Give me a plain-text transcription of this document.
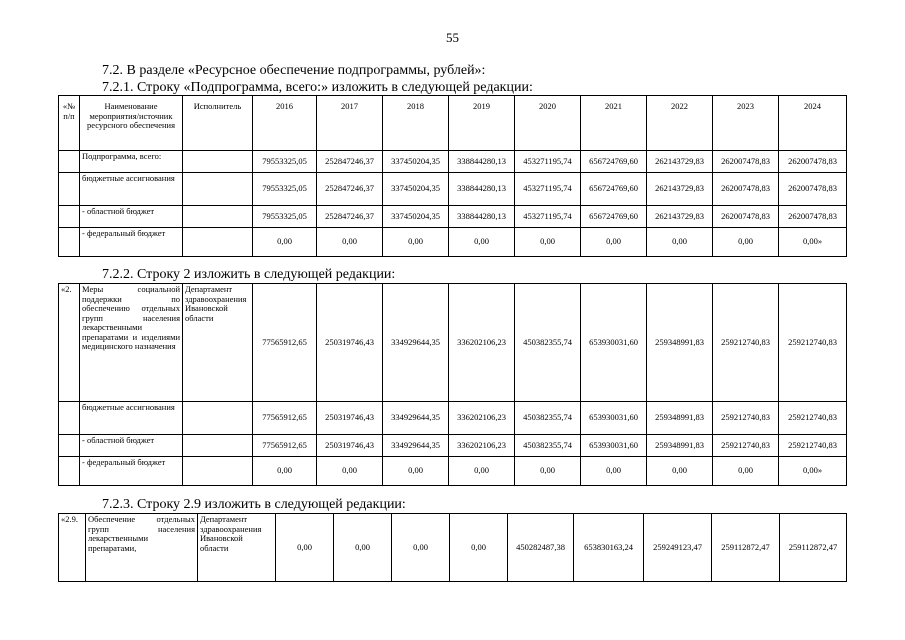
55
7.2. В разделе «Ресурсное обеспечение подпрограммы, рублей»:
7.2.1. Строку «Подпрограмма, всего:» изложить в следующей редакции:
«№ п/п	Наименование мероприятия/источник ресурсного обеспечения	Исполнитель	2016	2017	2018	2019	2020	2021	2022	2023	2024
	Подпрограмма, всего:		79553325,05	252847246,37	337450204,35	338844280,13	453271195,74	656724769,60	262143729,83	262007478,83	262007478,83
	бюджетные ассигнования		79553325,05	252847246,37	337450204,35	338844280,13	453271195,74	656724769,60	262143729,83	262007478,83	262007478,83
	- областной бюджет		79553325,05	252847246,37	337450204,35	338844280,13	453271195,74	656724769,60	262143729,83	262007478,83	262007478,83
	- федеральный бюджет		0,00	0,00	0,00	0,00	0,00	0,00	0,00	0,00	0,00»
7.2.2. Строку 2 изложить в следующей редакции:
«2.	Меры социальной поддержки по обеспечению отдельных групп населения лекарственными препаратами и изделиями медицинского назначения	Департамент здравоохранения Ивановской области	77565912,65	250319746,43	334929644,35	336202106,23	450382355,74	653930031,60	259348991,83	259212740,83	259212740,83
	бюджетные ассигнования		77565912,65	250319746,43	334929644,35	336202106,23	450382355,74	653930031,60	259348991,83	259212740,83	259212740,83
	- областной бюджет		77565912,65	250319746,43	334929644,35	336202106,23	450382355,74	653930031,60	259348991,83	259212740,83	259212740,83
	- федеральный бюджет		0,00	0,00	0,00	0,00	0,00	0,00	0,00	0,00	0,00»
7.2.3. Строку 2.9 изложить в следующей редакции:
«2.9.	Обеспечение отдельных групп населения лекарственными препаратами,	Департамент здравоохранения Ивановской области	0,00	0,00	0,00	0,00	450282487,38	653830163,24	259249123,47	259112872,47	259112872,47
